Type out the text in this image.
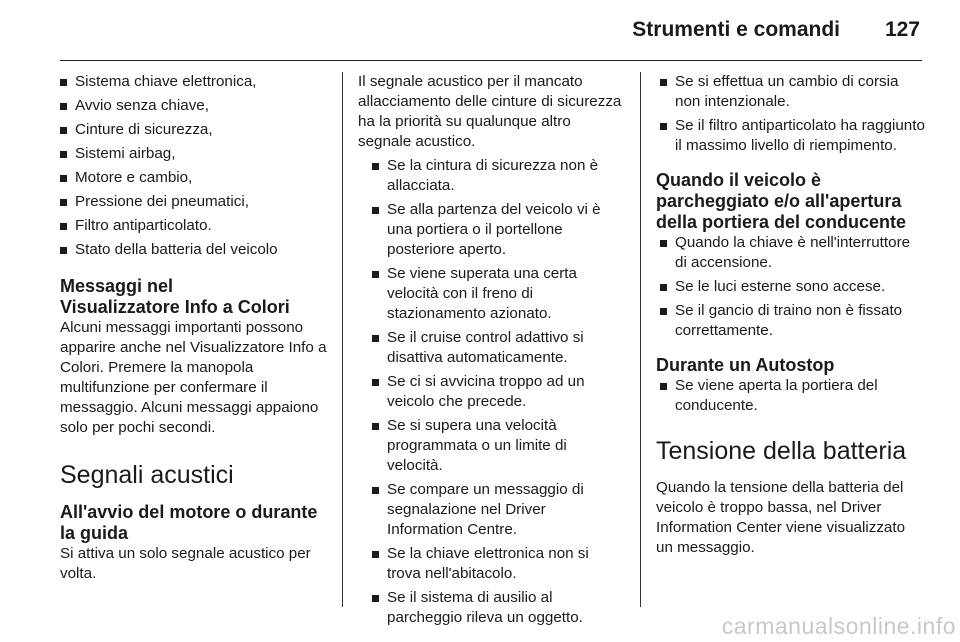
Strumenti e comandi 127
Sistema chiave elettronica,
Avvio senza chiave,
Cinture di sicurezza,
Sistemi airbag,
Motore e cambio,
Pressione dei pneumatici,
Filtro antiparticolato.
Stato della batteria del veicolo
Messaggi nel
Visualizzatore Info a Colori

Alcuni messaggi importanti possono apparire anche nel Visualizzatore Info a Colori. Premere la manopola multifunzione per confermare il messaggio. Alcuni messaggi appaiono solo per pochi secondi.

Segnali acustici
All'avvio del motore o durante la guida

Si attiva un solo segnale acustico per volta.

Il segnale acustico per il mancato allacciamento delle cinture di sicurezza ha la priorità su qualunque altro segnale acustico.

Se la cintura di sicurezza non è allacciata.
Se alla partenza del veicolo vi è una portiera o il portellone posteriore aperto.
Se viene superata una certa velocità con il freno di stazionamento azionato.
Se il cruise control adattivo si disattiva automaticamente.
Se ci si avvicina troppo ad un veicolo che precede.
Se si supera una velocità programmata o un limite di velocità.
Se compare un messaggio di segnalazione nel Driver Information Centre.
Se la chiave elettronica non si trova nell'abitacolo.
Se il sistema di ausilio al parcheggio rileva un oggetto.
Se si effettua un cambio di corsia non intenzionale.
Se il filtro antiparticolato ha raggiunto il massimo livello di riempimento.
Quando il veicolo è parcheggiato e/o all'apertura della portiera del conducente
Quando la chiave è nell'interruttore di accensione.
Se le luci esterne sono accese.
Se il gancio di traino non è fissato correttamente.
Durante un Autostop
Se viene aperta la portiera del conducente.
Tensione della batteria

Quando la tensione della batteria del veicolo è troppo bassa, nel Driver Information Center viene visualizzato un messaggio.

carmanualsonline.info
